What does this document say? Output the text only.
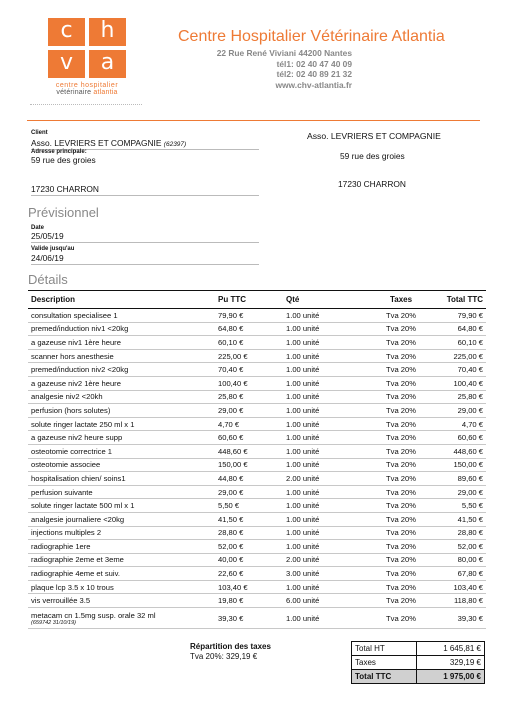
c	h
v	a
centre hospitalier
vétérinaire atlantia
Centre Hospitalier Vétérinaire Atlantia
22 Rue René Viviani 44200 Nantes
tél1: 02 40 47 40 09
tél2: 02 40 89 21 32
www.chv-atlantia.fr
Client
Asso. LEVRIERS ET COMPAGNIE (62397)
Adresse principale:
59 rue des groies
17230 CHARRON
Asso. LEVRIERS ET COMPAGNIE
59 rue des groies
17230 CHARRON
Prévisionnel
Date
25/05/19
Valide jusqu'au
24/06/19
Détails
Description	Pu TTC	Qté	Taxes	Total TTC
consultation specialisee 1	79,90 €	1.00 unité	Tva 20%	79,90 €
premed/induction niv1 <20kg	64,80 €	1.00 unité	Tva 20%	64,80 €
a gazeuse niv1 1ère heure	60,10 €	1.00 unité	Tva 20%	60,10 €
scanner hors anesthesie	225,00 €	1.00 unité	Tva 20%	225,00 €
premed/induction niv2 <20kg	70,40 €	1.00 unité	Tva 20%	70,40 €
a gazeuse niv2 1ère heure	100,40 €	1.00 unité	Tva 20%	100,40 €
analgesie niv2 <20kh	25,80 €	1.00 unité	Tva 20%	25,80 €
perfusion (hors solutes)	29,00 €	1.00 unité	Tva 20%	29,00 €
solute ringer lactate 250 ml x 1	4,70 €	1.00 unité	Tva 20%	4,70 €
a gazeuse niv2 heure supp	60,60 €	1.00 unité	Tva 20%	60,60 €
osteotomie correctrice 1	448,60 €	1.00 unité	Tva 20%	448,60 €
osteotomie associee	150,00 €	1.00 unité	Tva 20%	150,00 €
hospitalisation chien/ soins1	44,80 €	2.00 unité	Tva 20%	89,60 €
perfusion suivante	29,00 €	1.00 unité	Tva 20%	29,00 €
solute ringer lactate 500 ml x 1	5,50 €	1.00 unité	Tva 20%	5,50 €
analgesie journaliere <20kg	41,50 €	1.00 unité	Tva 20%	41,50 €
injections multiples 2	28,80 €	1.00 unité	Tva 20%	28,80 €
radiographie 1ere	52,00 €	1.00 unité	Tva 20%	52,00 €
radiographie 2eme et 3eme	40,00 €	2.00 unité	Tva 20%	80,00 €
radiographie 4eme et suiv.	22,60 €	3.00 unité	Tva 20%	67,80 €
plaque lcp 3.5 x 10 trous	103,40 €	1.00 unité	Tva 20%	103,40 €
vis verrouillée 3.5	19,80 €	6.00 unité	Tva 20%	118,80 €

metacam cn 1.5mg susp. orale 32 ml
(659742 31/10/19)	39,30 €	1.00 unité	Tva 20%	39,30 €
Répartition des taxes
Tva 20%: 329,19 €
Total HT	1 645,81 €
Taxes	329,19 €
Total TTC	1 975,00 €
